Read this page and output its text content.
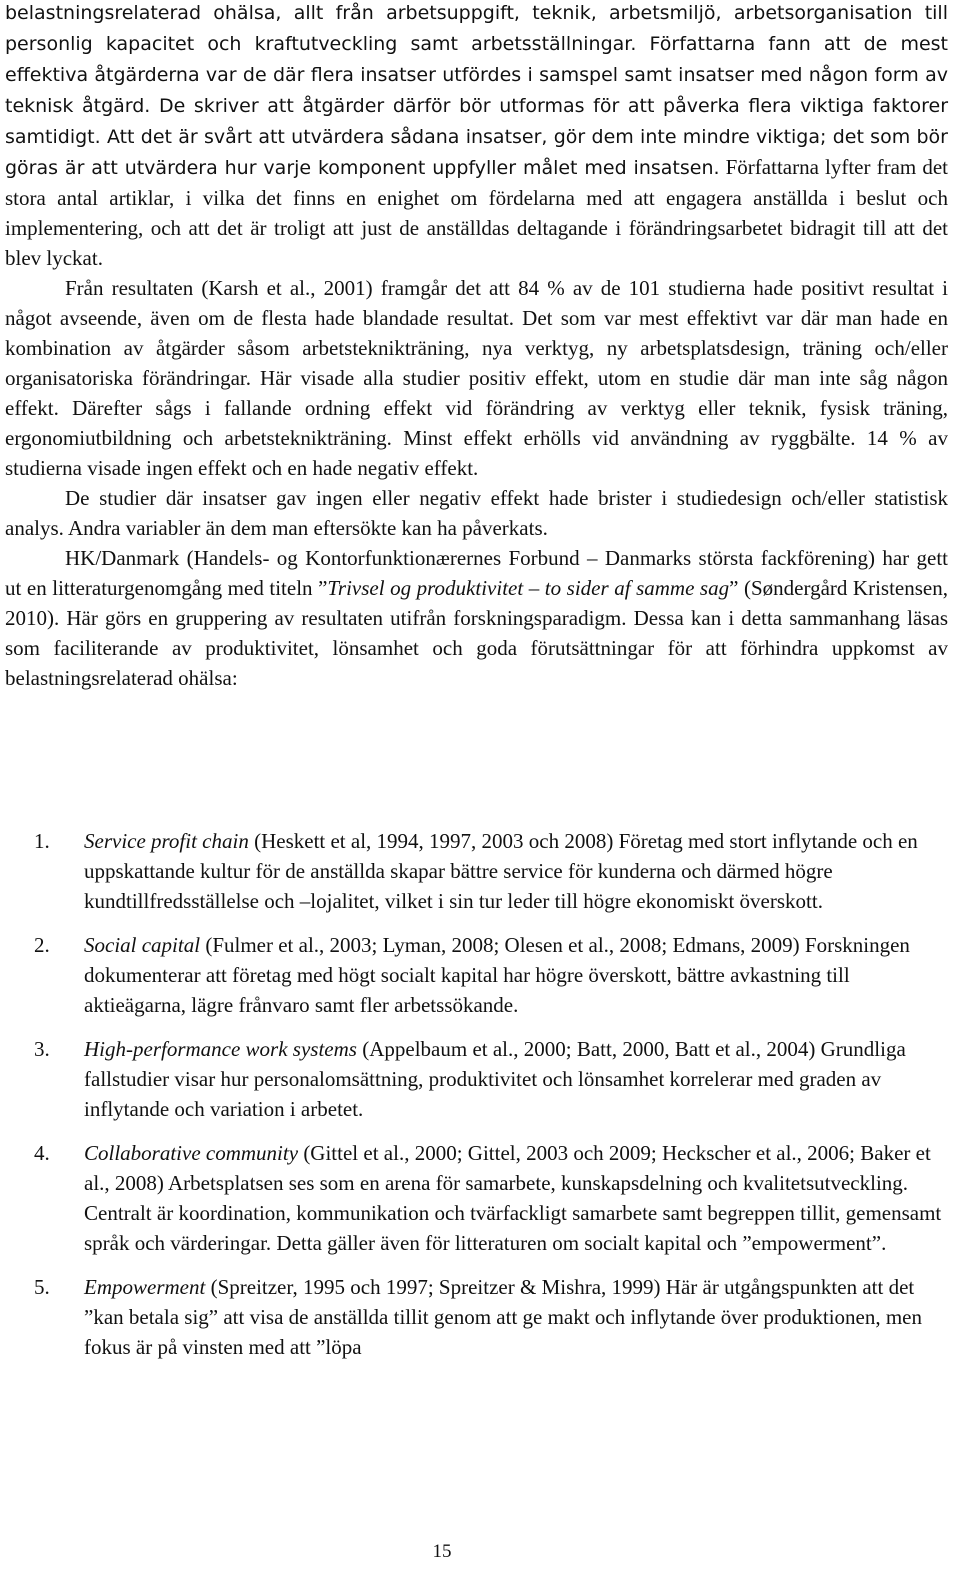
belastningsrelaterad ohälsa, allt från arbetsuppgift, teknik, arbetsmiljö, arbetsorganisation till personlig kapacitet och kraftutveckling samt arbetsställningar. Författarna fann att de mest effektiva åtgärderna var de där flera insatser utfördes i samspel samt insatser med någon form av teknisk åtgärd. De skriver att åtgärder därför bör utformas för att påverka flera viktiga faktorer samtidigt. Att det är svårt att utvärdera sådana insatser, gör dem inte mindre viktiga; det som bör göras är att utvärdera hur varje komponent uppfyller målet med insatsen. Författarna lyfter fram det stora antal artiklar, i vilka det finns en enighet om fördelarna med att engagera anställda i beslut och implementering, och att det är troligt att just de anställdas deltagande i förändringsarbetet bidragit till att det blev lyckat.

Från resultaten (Karsh et al., 2001) framgår det att 84 % av de 101 studierna hade positivt resultat i något avseende, även om de flesta hade blandade resultat. Det som var mest effektivt var där man hade en kombination av åtgärder såsom arbetsteknikträning, nya verktyg, ny arbetsplatsdesign, träning och/eller organisatoriska förändringar. Här visade alla studier positiv effekt, utom en studie där man inte såg någon effekt. Därefter sågs i fallande ordning effekt vid förändring av verktyg eller teknik, fysisk träning, ergonomiutbildning och arbetsteknikträning. Minst effekt erhölls vid användning av ryggbälte. 14 % av studierna visade ingen effekt och en hade negativ effekt.

De studier där insatser gav ingen eller negativ effekt hade brister i studiedesign och/eller statistisk analys. Andra variabler än dem man eftersökte kan ha påverkats.

HK/Danmark (Handels- og Kontorfunktionærernes Forbund – Danmarks största fackförening) har gett ut en litteraturgenomgång med titeln ”Trivsel og produktivitet – to sider af samme sag” (Søndergård Kristensen, 2010). Här görs en gruppering av resultaten utifrån forskningsparadigm. Dessa kan i detta sammanhang läsas som faciliterande av produktivitet, lönsamhet och goda förutsättningar för att förhindra uppkomst av belastningsrelaterad ohälsa:

1. Service profit chain (Heskett et al, 1994, 1997, 2003 och 2008) Företag med stort inflytande och en uppskattande kultur för de anställda skapar bättre service för kunderna och därmed högre kundtillfredsställelse och –lojalitet, vilket i sin tur leder till högre ekonomiskt överskott.
2. Social capital (Fulmer et al., 2003; Lyman, 2008; Olesen et al., 2008; Edmans, 2009) Forskningen dokumenterar att företag med högt socialt kapital har högre överskott, bättre avkastning till aktieägarna, lägre frånvaro samt fler arbetssökande.
3. High-performance work systems (Appelbaum et al., 2000; Batt, 2000, Batt et al., 2004) Grundliga fallstudier visar hur personalomsättning, produktivitet och lönsamhet korrelerar med graden av inflytande och variation i arbetet.
4. Collaborative community (Gittel et al., 2000; Gittel, 2003 och 2009; Heckscher et al., 2006; Baker et al., 2008) Arbetsplatsen ses som en arena för samarbete, kunskapsdelning och kvalitetsutveckling. Centralt är koordination, kommunikation och tvärfackligt samarbete samt begreppen tillit, gemensamt språk och värderingar. Detta gäller även för litteraturen om socialt kapital och ”empowerment”.
5. Empowerment (Spreitzer, 1995 och 1997; Spreitzer & Mishra, 1999) Här är utgångspunkten att det ”kan betala sig” att visa de anställda tillit genom att ge makt och inflytande över produktionen, men fokus är på vinsten med att ”löpa
15
